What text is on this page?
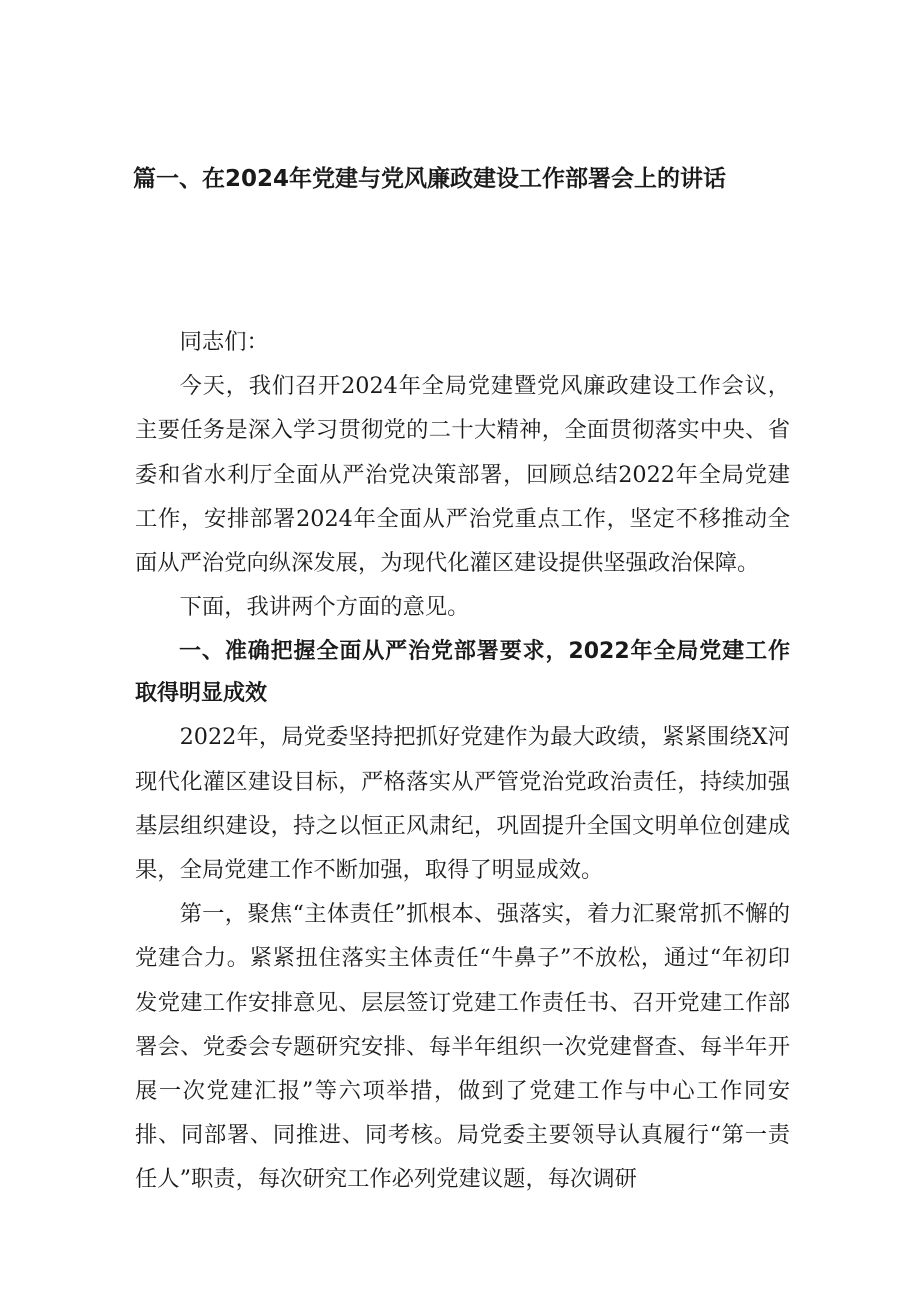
篇一、在2024年党建与党风廉政建设工作部署会上的讲话

同志们：

今天，我们召开2024年全局党建暨党风廉政建设工作会议，主要任务是深入学习贯彻党的二十大精神，全面贯彻落实中央、省委和省水利厅全面从严治党决策部署，回顾总结2022年全局党建工作，安排部署2024年全面从严治党重点工作，坚定不移推动全面从严治党向纵深发展，为现代化灌区建设提供坚强政治保障。

下面，我讲两个方面的意见。

一、准确把握全面从严治党部署要求，2022年全局党建工作取得明显成效

2022年，局党委坚持把抓好党建作为最大政绩，紧紧围绕X河现代化灌区建设目标，严格落实从严管党治党政治责任，持续加强基层组织建设，持之以恒正风肃纪，巩固提升全国文明单位创建成果，全局党建工作不断加强，取得了明显成效。

第一，聚焦“主体责任”抓根本、强落实，着力汇聚常抓不懈的党建合力。紧紧扭住落实主体责任“牛鼻子”不放松，通过“年初印发党建工作安排意见、层层签订党建工作责任书、召开党建工作部署会、党委会专题研究安排、每半年组织一次党建督查、每半年开展一次党建汇报”等六项举措，做到了党建工作与中心工作同安排、同部署、同推进、同考核。局党委主要领导认真履行“第一责任人”职责，每次研究工作必列党建议题，每次调研
